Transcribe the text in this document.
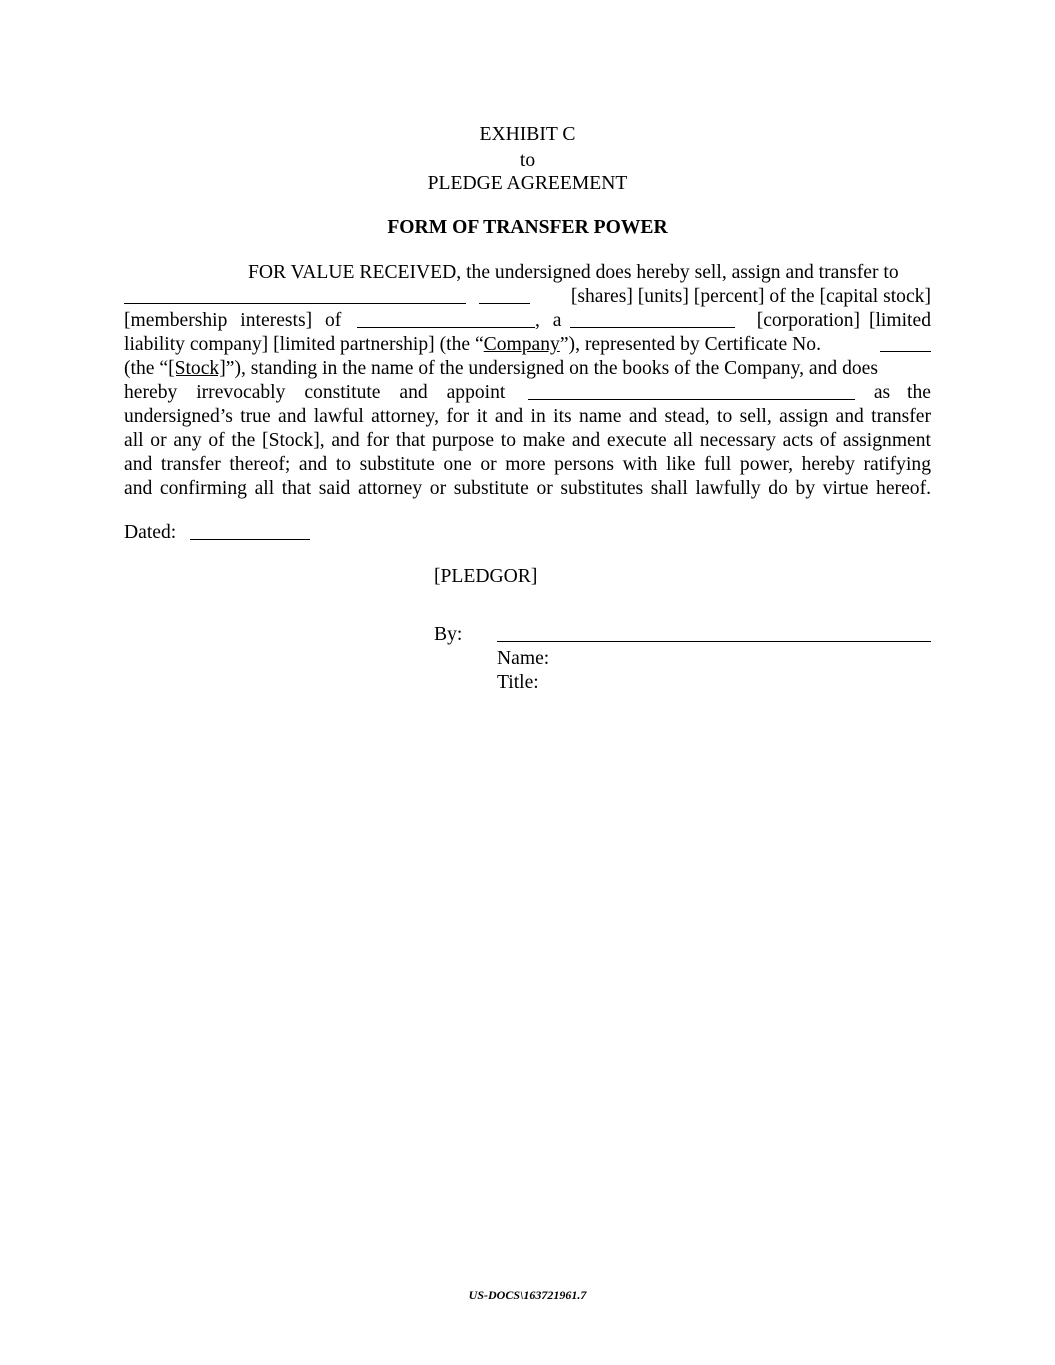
EXHIBIT C
to
PLEDGE AGREEMENT
FORM OF TRANSFER POWER
FOR VALUE RECEIVED, the undersigned does hereby sell, assign and transfer to

[shares] [units] [percent] of the [capital stock]
[membership interests] of	, a	[corporation] [limited
liability company] [limited partnership] (the “Company”), represented by Certificate No.
(the “[Stock]”), standing in the name of the undersigned on the books of the Company, and does
hereby irrevocably constitute and appoint	as the
undersigned’s true and lawful attorney, for it and in its name and stead, to sell, assign and transfer
all or any of the [Stock], and for that purpose to make and execute all necessary acts of assignment
and transfer thereof; and to substitute one or more persons with like full power, hereby ratifying
and confirming all that said attorney or substitute or substitutes shall lawfully do by virtue hereof.
Dated:
[PLEDGOR]
By:
Name:
Title:
US-DOCS\163721961.7
